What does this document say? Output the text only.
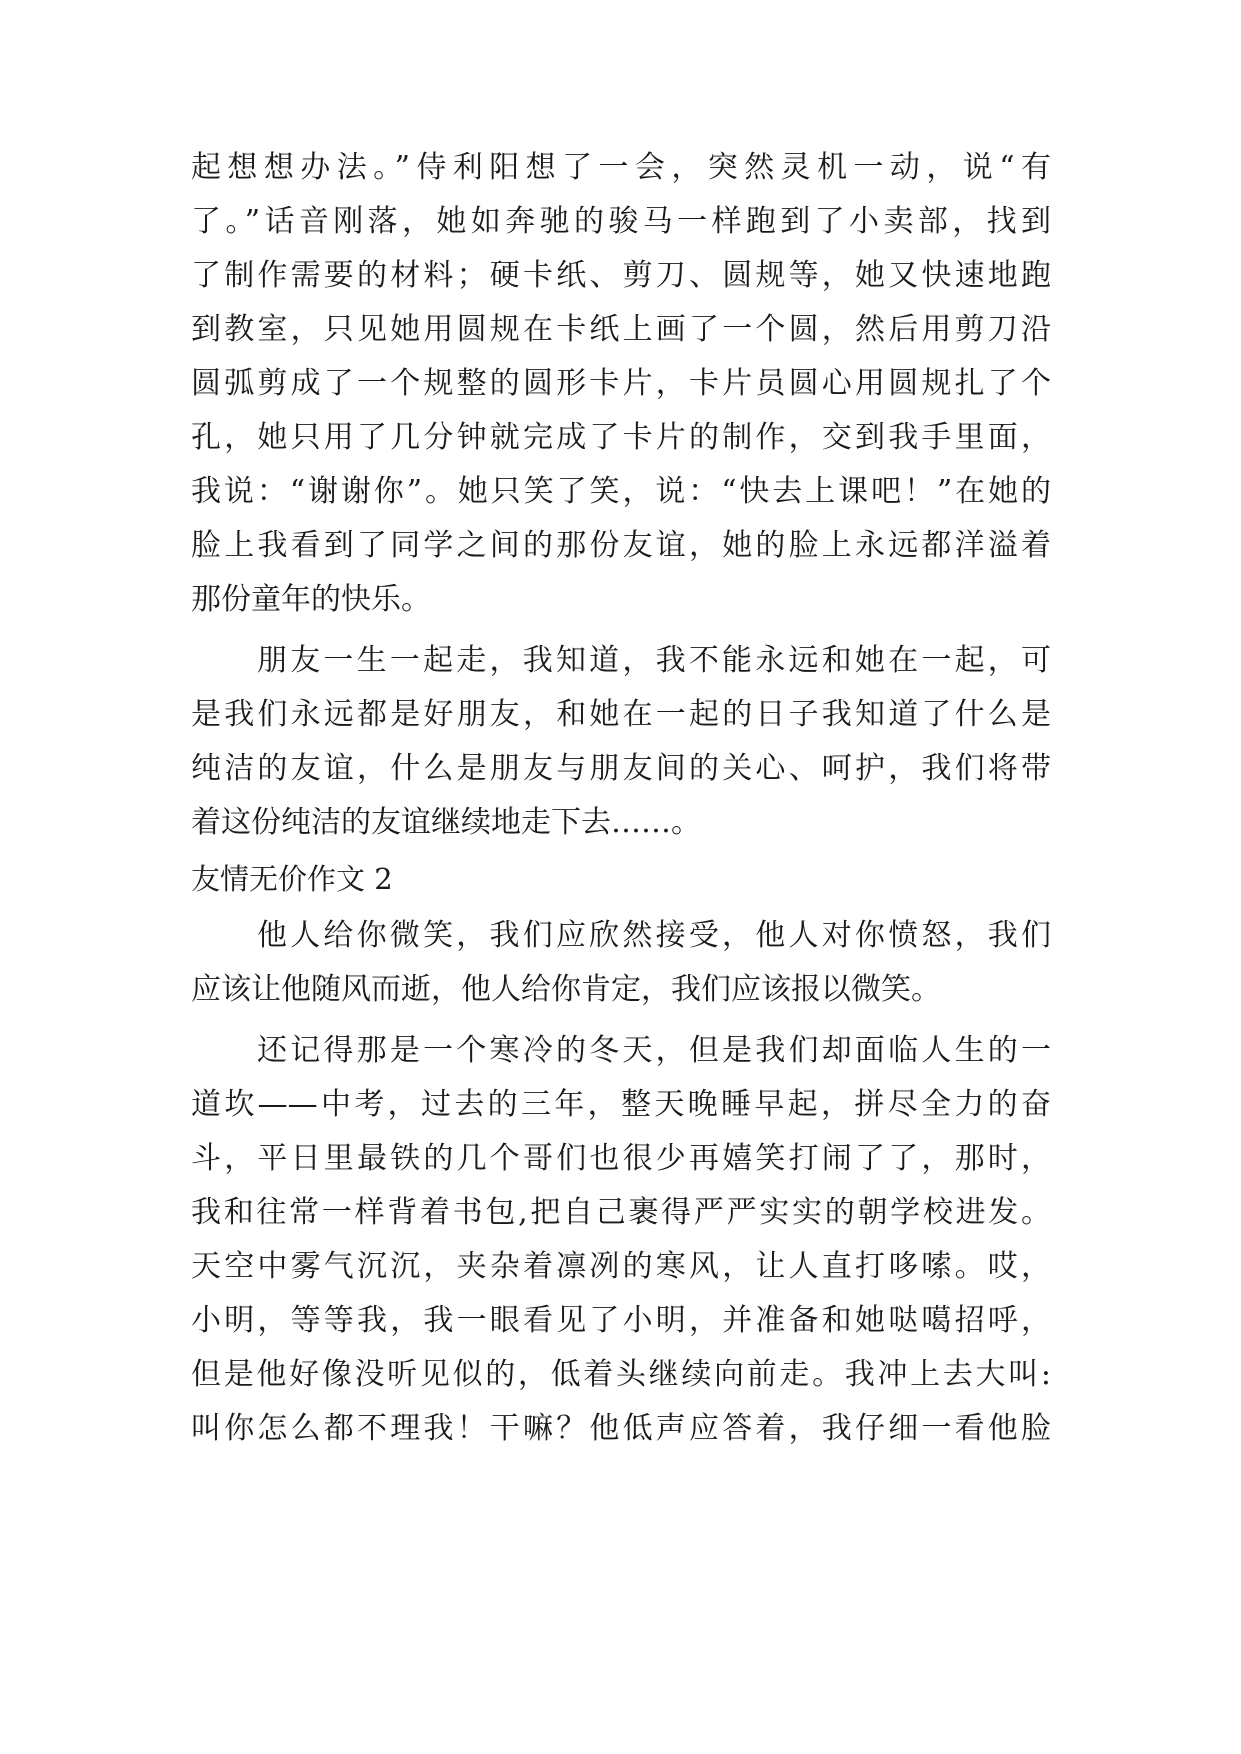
起想想办法。”侍利阳想了一会，突然灵机一动，说“有
了。”话音刚落，她如奔驰的骏马一样跑到了小卖部，找到
了制作需要的材料；硬卡纸、剪刀、圆规等，她又快速地跑
到教室，只见她用圆规在卡纸上画了一个圆，然后用剪刀沿
圆弧剪成了一个规整的圆形卡片，卡片员圆心用圆规扎了个
孔，她只用了几分钟就完成了卡片的制作，交到我手里面，
我说：“谢谢你”。她只笑了笑，说：“快去上课吧！”在她的
脸上我看到了同学之间的那份友谊，她的脸上永远都洋溢着
那份童年的快乐。
朋友一生一起走，我知道，我不能永远和她在一起，可
是我们永远都是好朋友，和她在一起的日子我知道了什么是
纯洁的友谊，什么是朋友与朋友间的关心、呵护，我们将带
着这份纯洁的友谊继续地走下去……。
友情无价作文 2
他人给你微笑，我们应欣然接受，他人对你愤怒，我们
应该让他随风而逝，他人给你肯定，我们应该报以微笑。
还记得那是一个寒冷的冬天，但是我们却面临人生的一
道坎——中考，过去的三年，整天晚睡早起，拼尽全力的奋
斗，平日里最铁的几个哥们也很少再嬉笑打闹了了，那时，
我和往常一样背着书包,把自己裹得严严实实的朝学校进发。
天空中雾气沉沉，夹杂着凛冽的寒风，让人直打哆嗦。哎，
小明，等等我，我一眼看见了小明，并准备和她哒噶招呼，
但是他好像没听见似的，低着头继续向前走。我冲上去大叫:
叫你怎么都不理我！干嘛？他低声应答着，我仔细一看他脸
